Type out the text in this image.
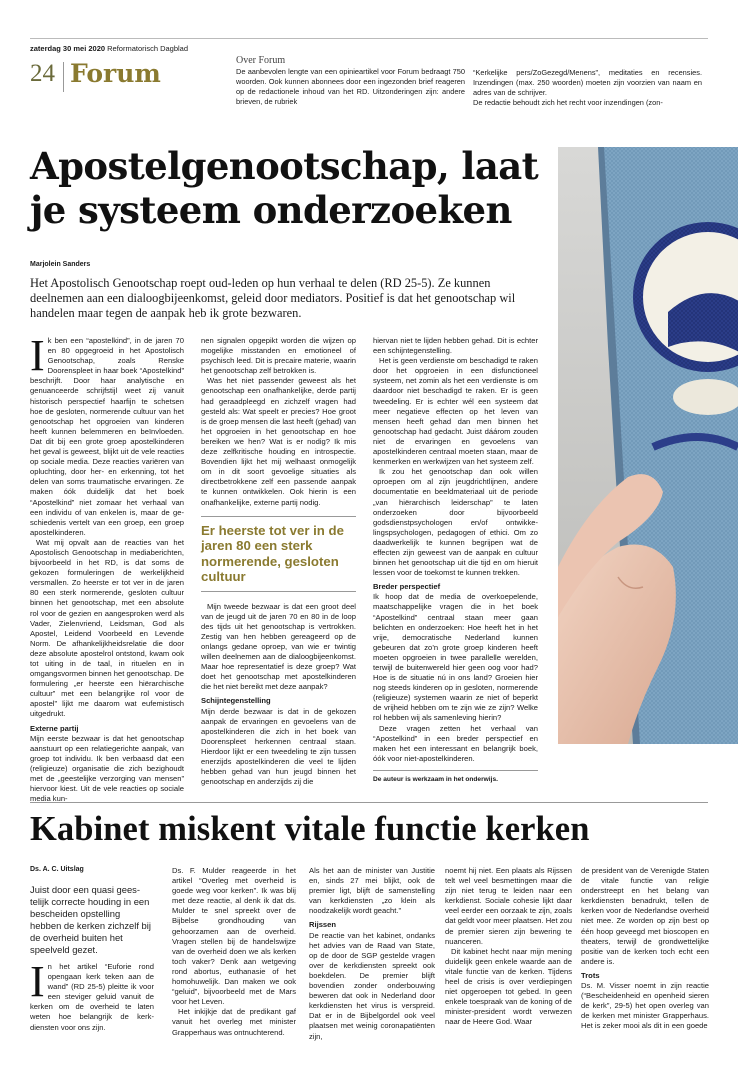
zaterdag 30 mei 2020 Reformatorisch Dagblad
24 Forum	Over Forum

De aanbevolen lengte van een opinieartikel voor Forum bedraagt 750 woorden. Ook kunnen abonnees door een ingezonden brief reageren op de redactionele inhoud van het RD. Uitzonderingen zijn: andere brieven, de rubriek

“Kerkelijke pers/ZoGezegd/Menens”, meditaties en recensies. Inzendingen (max. 250 woorden) moeten zijn voorzien van naam en adres van de schrijver.
De redactie behoudt zich het recht voor inzendingen (zon-

Apostelgenootschap, laat je systeem onderzoeken
Marjolein Sanders

Het Apostolisch Genootschap roept oud-leden op hun verhaal te delen (RD 25-5). Ze kunnen deelnemen aan een dialoogbijeenkomst, geleid door mediators. Positief is dat het genootschap wil handelen maar tegen de aanpak heb ik grote bezwaren.

Ik ben een “apostelkind”, in de jaren 70 en 80 opgegroeid in het Apostolisch Genootschap, zoals Renske Doorenspleet in haar boek “Apostelkind” beschrijft. Door haar analytische en genuanceerde schrijfstijl weet zij vanuit historisch perspectief haarfijn te schetsen hoe de gesloten, normerende cultuur van het genootschap het opgroeien van kinderen heeft kunnen belemmeren en beïnvloeden. Dat dit bij een grote groep apostelkinderen het geval is geweest, blijkt uit de vele reacties op sociale media. Deze reacties variëren van opluchting, door her- en erkenning, tot het delen van soms traumatische ervaringen. Ze maken óók duidelijk dat het boek “Apostelkind” niet zomaar het verhaal van een individu of van enkelen is, maar de geschiedenis vertelt van een groep, een groep apostelkinderen.

Wat mij opvalt aan de reacties van het Apostolisch Genootschap in mediaberichten, bijvoorbeeld in het RD, is dat soms de gekozen formuleringen de werkelijkheid versmallen. Zo heerste er tot ver in de jaren 80 een sterk normerende, gesloten cultuur binnen het genootschap, met een absolute rol voor de gezien en aangesproken werd als Vader, Zielenvriend, Leidsman, God als Apostel, Leidend Voorbeeld en Levende Norm. De afhankelijkheidsrelatie die door deze absolute apostelrol ontstond, kwam ook tot uiting in de taal, in rituelen en in omgangsvormen binnen het genootschap. De formulering „er heerste een hiërarchische cultuur” met een belangrijke rol voor de apostel” lijkt me daarom wat eufemistisch uitgedrukt.

Externe partij

Mijn eerste bezwaar is dat het genootschap aanstuurt op een relatiegerichte aanpak, van groep tot individu. Ik ben verbaasd dat een (religieuze) organisatie die zich bezighoudt met de „geestelijke verzorging van mensen” hiervoor kiest. Uit de vele reacties op sociale media kun-

nen signalen opgepikt worden die wijzen op mogelijke misstanden en emotioneel of psychisch leed. Dit is precaire materie, waarin het genootschap zelf betrokken is.

Was het niet passender geweest als het genootschap een onafhankelijke, derde partij had geraadpleegd en zichzelf vragen had gesteld als: Wat speelt er precies? Hoe groot is de groep mensen die last heeft (gehad) van het opgroeien in het genootschap en hoe bereiken we hen? Wat is er nodig? Ik mis deze zelfkritische houding en introspectie. Bovendien lijkt het mij welhaast onmogelijk om in dit soort gevoelige situaties als directbetrokkene zelf een passende aanpak te kunnen ontwikkelen. Ook hierin is een onafhankelijke, externe partij nodig.

Er heerste tot ver in de jaren 80 een sterk normerende, gesloten cultuur

Mijn tweede bezwaar is dat een groot deel van de jeugd uit de jaren 70 en 80 in de loop des tijds uit het genootschap is vertrokken. Zestig van hen hebben gereageerd op de onlangs gedane oproep, van wie er twintig willen deelnemen aan de dialoogbijeenkomst. Maar hoe representatief is deze groep? Wat doet het genootschap met apostelkinderen die het niet bereikt met deze aanpak?

Schijntegenstelling

Mijn derde bezwaar is dat in de gekozen aanpak de ervaringen en gevoelens van de apostelkinderen die zich in het boek van Doorenspleet herkennen centraal staan. Hierdoor lijkt er een tweedeling te zijn tussen enerzijds apostelkinderen die veel te lijden hebben gehad van hun jeugd binnen het genootschap en anderzijds zij die

hiervan niet te lijden hebben gehad. Dit is echter een schijntegenstelling.

Het is geen verdienste om beschadigd te raken door het opgroeien in een disfunctioneel systeem, net zomin als het een verdienste is om daardoor niet beschadigd te raken. Er is geen tweedeling. Er is echter wél een systeem dat meer negatieve effecten op het leven van mensen heeft gehad dan men binnen het genootschap had gedacht. Juist dáárom zouden niet de ervaringen en gevoelens van apostelkinderen centraal moeten staan, maar de kenmerken en werkwijzen van het systeem zelf.

Ik zou het genootschap dan ook willen oproepen om al zijn jeugdrichtlijnen, andere documentatie en beeldmateriaal uit de periode „van hiërarchisch leiderschap” te laten onderzoeken door bijvoorbeeld godsdienstpsychologen en/of ontwikkelingspsychologen, pedagogen of ethici. Om zo daadwerkelijk te kunnen begrijpen wat de effecten zijn geweest van de aanpak en cultuur binnen het genootschap uit die tijd en om hieruit lessen voor de toekomst te kunnen trekken.

Breder perspectief

Ik hoop dat de media de overkoepelende, maatschappelijke vragen die in het boek “Apostelkind” centraal staan meer gaan belichten en onderzoeken: Hoe heeft het in het vrije, democratische Nederland kunnen gebeuren dat zo’n grote groep kinderen heeft moeten opgroeien in twee parallelle werelden, terwijl de buitenwereld hier geen oog voor had? Hoe is de situatie nú in ons land? Groeien hier nog steeds kinderen op in gesloten, normerende (religieuze) systemen waarin ze niet of beperkt de vrijheid hebben om te zijn wie ze zijn? Welke rol hebben wij als samenleving hierin?

Deze vragen zetten het verhaal van “Apostelkind” in een breder perspectief en maken het een interessant en belangrijk boek, óók voor niet-apostelkinderen.

De auteur is werkzaam in het onderwijs.
Kabinet miskent vitale functie kerken
Ds. A. C. Uitslag

Juist door een quasi geestelijk correcte houding in een bescheiden opstelling hebben de kerken zichzelf bij de overheid buiten het speelveld gezet.

In het artikel “Euforie rond opengaan kerk teken aan de wand” (RD 25-5) pleitte ik voor een steviger geluid vanuit de kerken om de overheid te laten weten hoe belangrijk de kerkdiensten voor ons zijn.

Ds. F. Mulder reageerde in het artikel “Overleg met overheid is goede weg voor kerken”. Ik was blij met deze reactie, al denk ik dat ds. Mulder te snel spreekt over de Bijbelse grondhouding van gehoorzamen aan de overheid. Vragen stellen bij de handelswijze van de overheid doen we als kerken toch vaker? Denk aan wetgeving rond abortus, euthanasie of het homohuwelijk. Dan maken we ook “geluid”, bijvoorbeeld met de Mars voor het Leven.

Het inkijkje dat de predikant gaf vanuit het overleg met minister Grapperhaus was ontnuchterend.

Als het aan de minister van Justitie en, sinds 27 mei blijkt, ook de premier ligt, blijft de samenstelling van kerkdiensten „zo klein als noodzakelijk wordt geacht.”

Rijssen

De reactie van het kabinet, ondanks het advies van de Raad van State, op de door de SGP gestelde vragen over de kerkdiensten spreekt ook boekdelen. De premier blijft bovendien zonder onderbouwing beweren dat ook in Nederland door kerkdiensten het virus is verspreid. Dat er in de Bijbelgordel ook veel plaatsen met weinig coronapatiënten zijn,

noemt hij niet. Een plaats als Rijssen telt wel veel besmettingen maar die zijn niet terug te leiden naar een kerkdienst. Sociale cohesie lijkt daar veel eerder een oorzaak te zijn, zoals dat geldt voor meer plaatsen. Het zou de premier sieren zijn bewering te nuanceren.

Dit kabinet hecht naar mijn mening duidelijk geen enkele waarde aan de vitale functie van de kerken. Tijdens heel de crisis is over verdiepingen niet opgeroepen tot gebed. In geen enkele toespraak van de koning of de minister-president wordt verwezen naar de Heere God. Waar

de president van de Verenigde Staten de vitale functie van religie onderstreept en het belang van kerkdiensten benadrukt, tellen de kerken voor de Nederlandse overheid niet mee. Ze worden op zijn best op één hoop geveegd met bioscopen en theaters, terwijl de grondwettelijke positie van de kerken toch echt een andere is.

Trots

Ds. M. Visser noemt in zijn reactie (“Bescheidenheid en openheid sieren de kerk”, 29-5) het open overleg van de kerken met minister Grapperhaus. Het is zeker mooi als dit in een goede
